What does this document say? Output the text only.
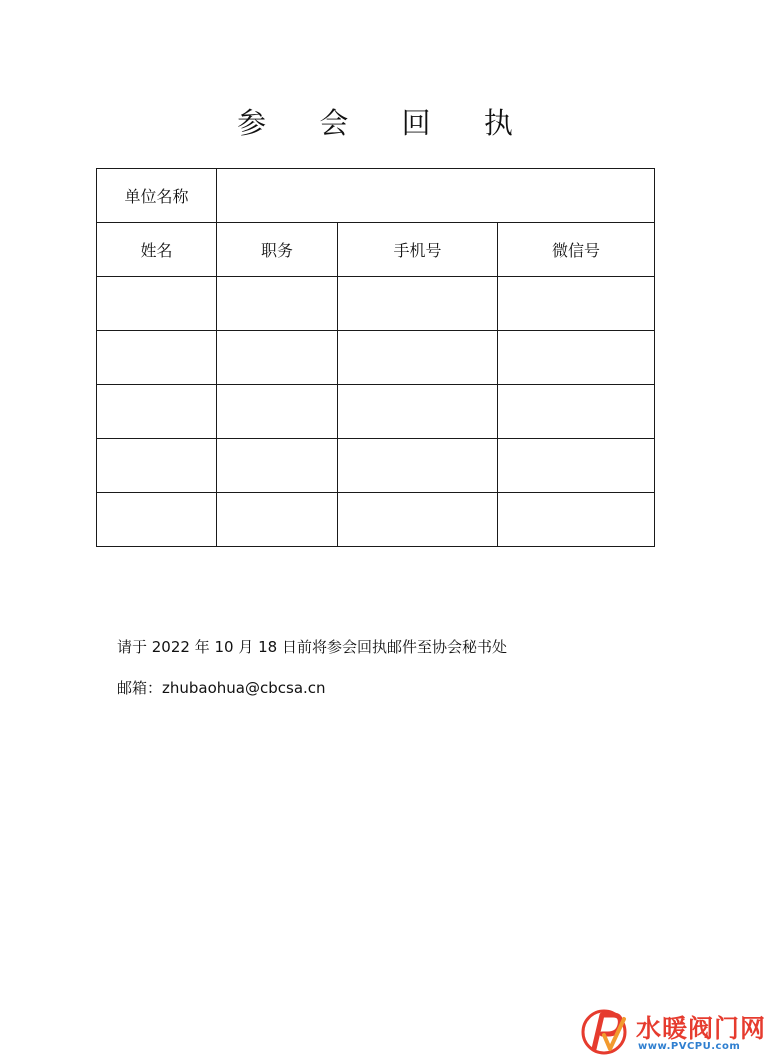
参 会 回 执
单位名称			
姓名	职务	手机号	微信号

请于 2022 年 10 月 18 日前将参会回执邮件至协会秘书处

邮箱：zhubaohua@cbcsa.cn

水暖阀门网
www.PVCPU.com
